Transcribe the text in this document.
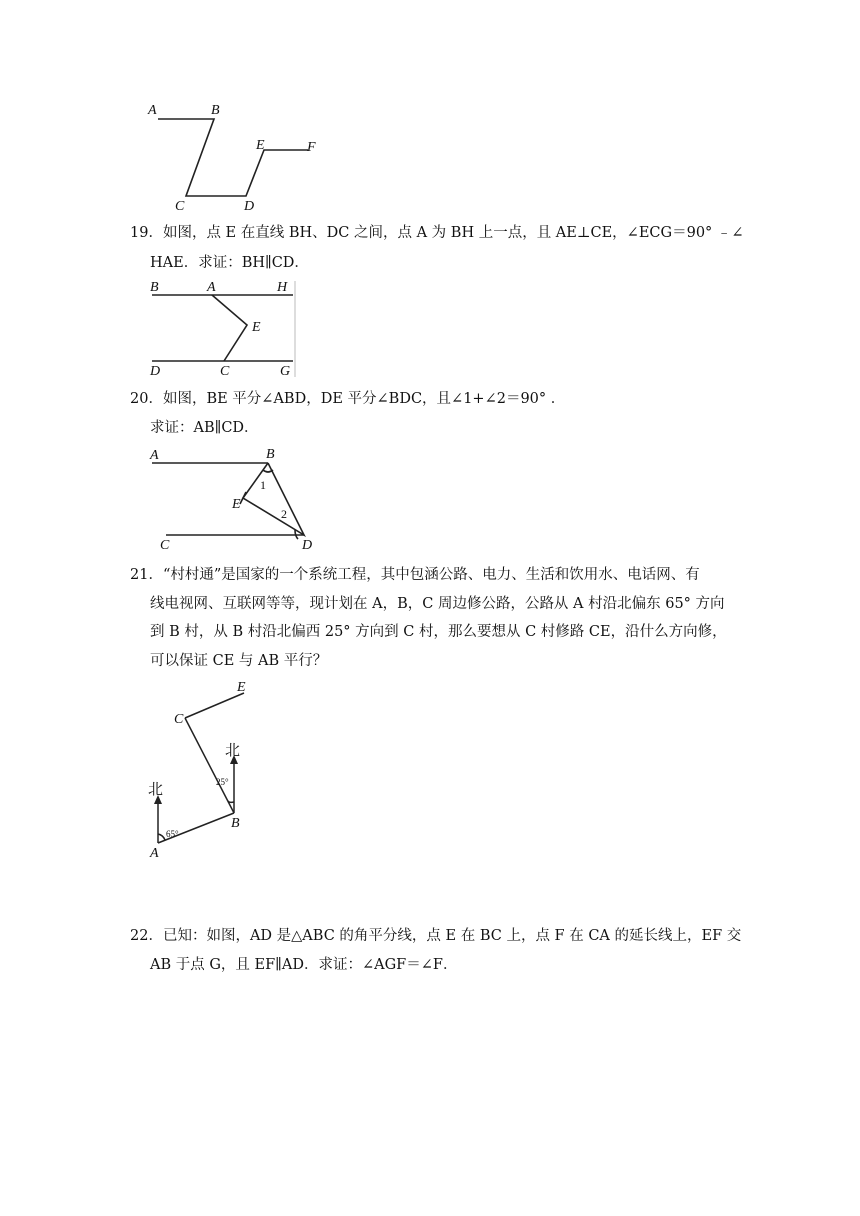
A	B
C	D
E	F
19．如图，点 E 在直线 BH、DC 之间，点 A 为 BH 上一点，且 AE⊥CE，∠ECG＝90° ﹣∠
HAE．求证：BH∥CD．
B	A	H
E
D	C	G
20．如图，BE 平分∠ABD，DE 平分∠BDC，且∠1+∠2＝90° ．
求证：AB∥CD．
A	B
E
C	D
1
2
21．“村村通”是国家的一个系统工程，其中包涵公路、电力、生活和饮用水、电话网、有
线电视网、互联网等等，现计划在 A，B，C 周边修公路，公路从 A 村沿北偏东 65° 方向
到 B 村，从 B 村沿北偏西 25° 方向到 C 村，那么要想从 C 村修路 CE，沿什么方向修，
可以保证 CE 与 AB 平行？
E
C
B
A
北
北	25°
65°
22．已知：如图，AD 是△ABC 的角平分线，点 E 在 BC 上，点 F 在 CA 的延长线上，EF 交
AB 于点 G，且 EF∥AD．求证：∠AGF＝∠F．
